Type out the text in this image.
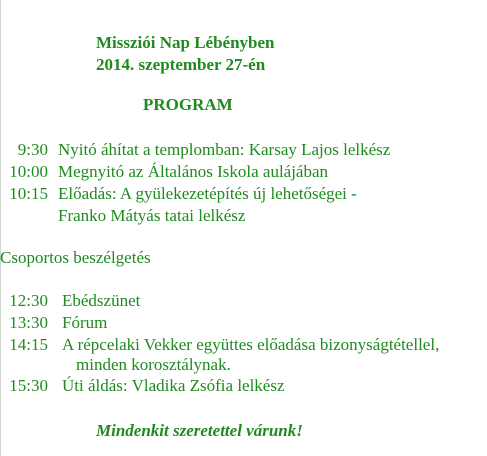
Missziói Nap Lébényben
2014. szeptember 27-én
PROGRAM
9:30 Nyitó áhítat a templomban: Karsay Lajos lelkész
10:00 Megnyitó az Általános Iskola aulájában
10:15 Előadás: A gyülekezetépítés új lehetőségei -
Franko Mátyás tatai lelkész
Csoportos beszélgetés
12:30 Ebédszünet
13:30 Fórum
14:15 A répcelaki Vekker együttes előadása bizonyságtétellel,
minden korosztálynak.
15:30 Úti áldás: Vladika Zsófia lelkész
Mindenkit szeretettel várunk!
